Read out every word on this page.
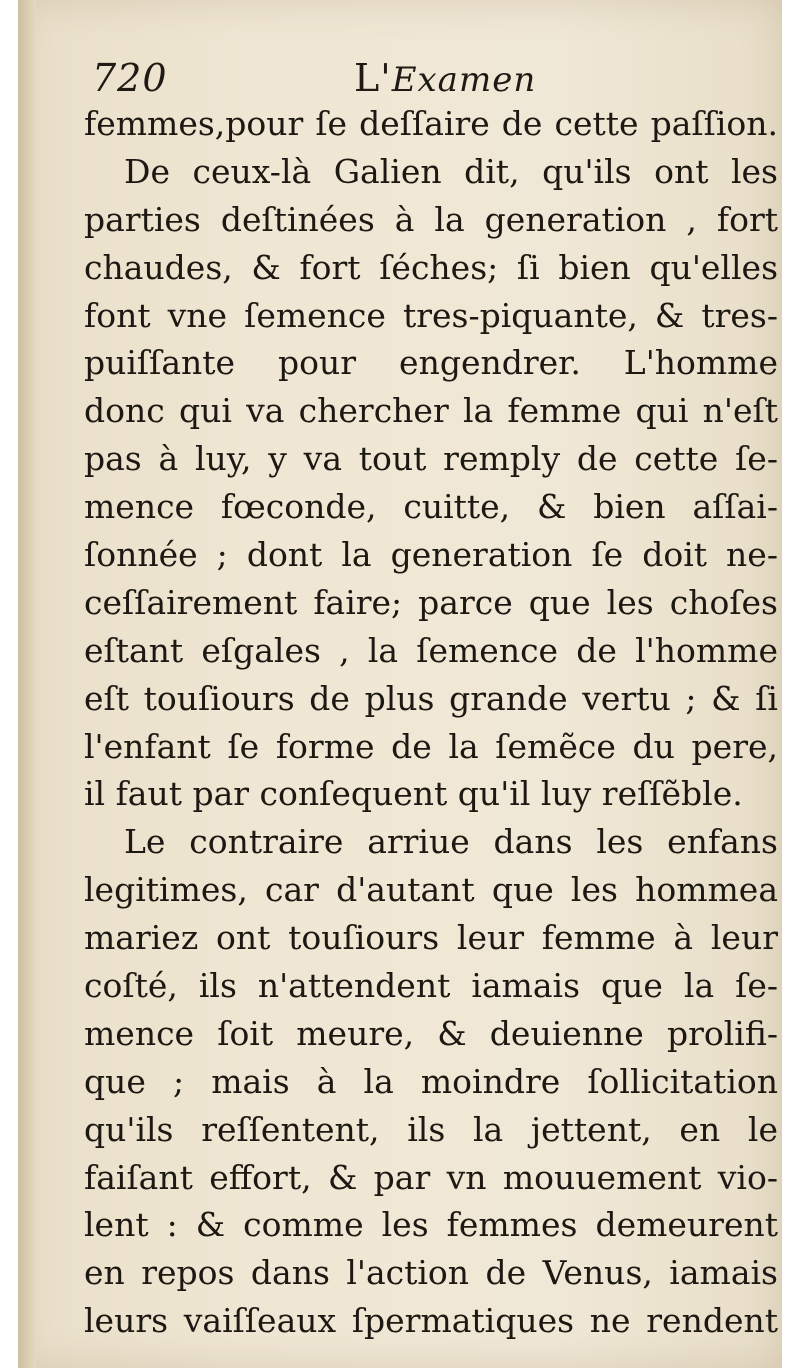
720	L'Examen
femmes,pour ſe deſſaire de cette paſſion.
De ceux-là Galien dit, qu'ils ont les
parties deſtinées à la generation , fort
chaudes, & fort ſéches; ſi bien qu'elles
font vne ſemence tres-piquante, & tres-
puiſſante pour engendrer. L'homme
donc qui va chercher la femme qui n'eſt
pas à luy, y va tout remply de cette ſe-
mence fœconde, cuitte, & bien aſſai-
ſonnée ; dont la generation ſe doit ne-
ceſſairement faire; parce que les choſes
eſtant eſgales , la ſemence de l'homme
eſt touſiours de plus grande vertu ; & ſi
l'enfant ſe forme de la ſemẽce du pere,
il faut par conſequent qu'il luy reſſẽble.
Le contraire arriue dans les enfans
legitimes, car d'autant que les hommea
mariez ont touſiours leur femme à leur
coſté, ils n'attendent iamais que la ſe-
mence ſoit meure, & deuienne prolifi-
que ; mais à la moindre ſollicitation
qu'ils reſſentent, ils la jettent, en le
faiſant effort, & par vn mouuement vio-
lent : & comme les femmes demeurent
en repos dans l'action de Venus, iamais
leurs vaiſſeaux ſpermatiques ne rendent
